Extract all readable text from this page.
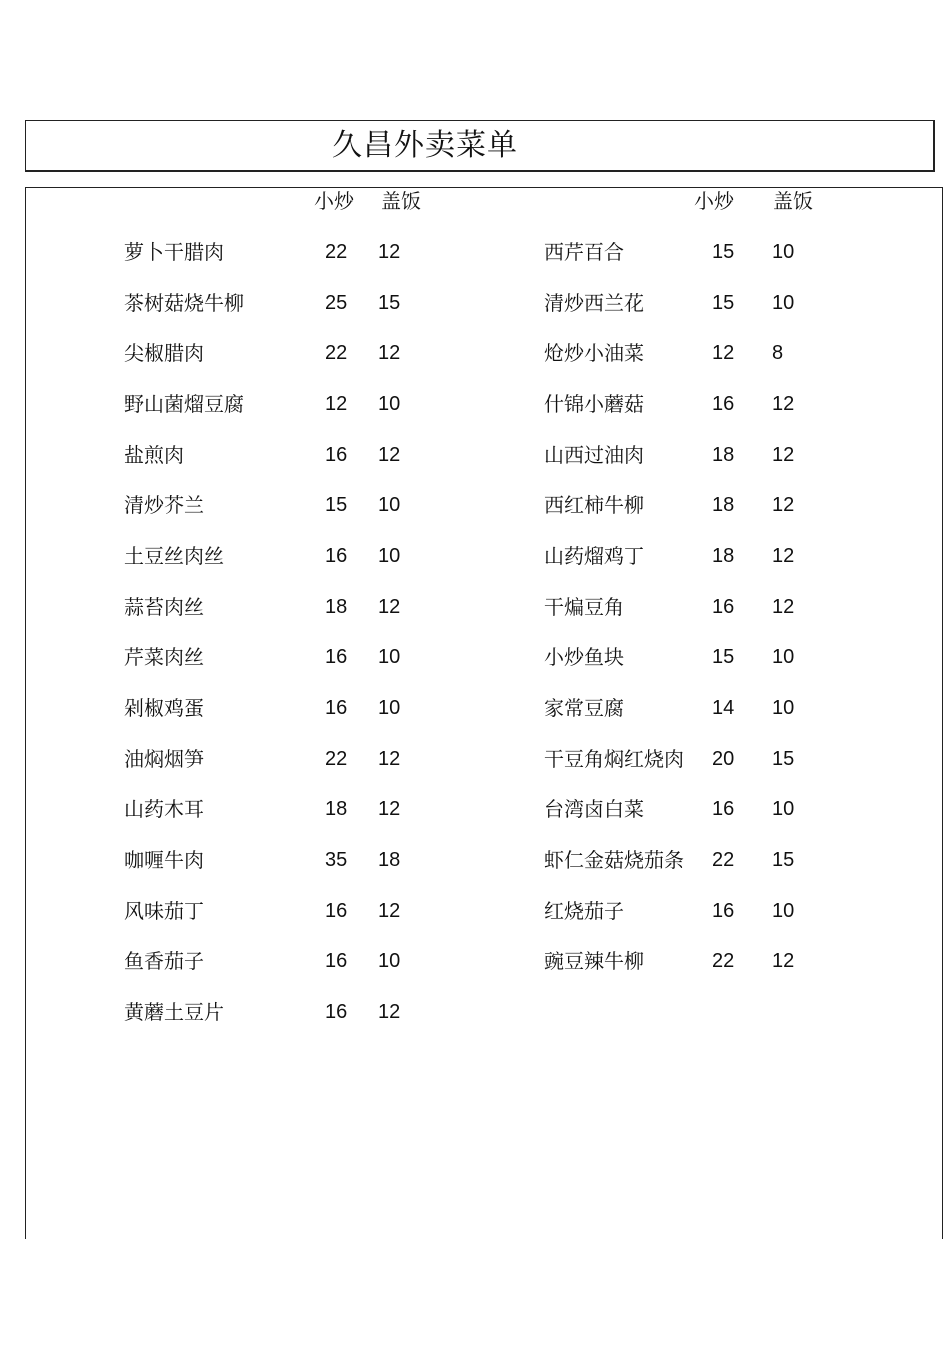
久昌外卖菜单
小炒 盖饭	小炒 盖饭
萝卜干腊肉	22 12
茶树菇烧牛柳	25 15
尖椒腊肉	22 12
野山菌熘豆腐	12 10
盐煎肉	16 12
清炒芥兰	15 10
土豆丝肉丝	16 10
蒜苔肉丝	18 12
芹菜肉丝	16 10
剁椒鸡蛋	16 10
油焖烟笋	22 12
山药木耳	18 12
咖喱牛肉	35 18
风味茄丁	16 12
鱼香茄子	16 10
黄蘑土豆片	16 12
西芹百合	15 10
清炒西兰花	15 10
炝炒小油菜	12 8
什锦小蘑菇	16 12
山西过油肉	18 12
西红柿牛柳	18 12
山药熘鸡丁	18 12
干煸豆角	16 12
小炒鱼块	15 10
家常豆腐	14 10
干豆角焖红烧肉 20 15
台湾卤白菜	16 10
虾仁金菇烧茄条 22 15
红烧茄子	16 10
豌豆辣牛柳	22 12
